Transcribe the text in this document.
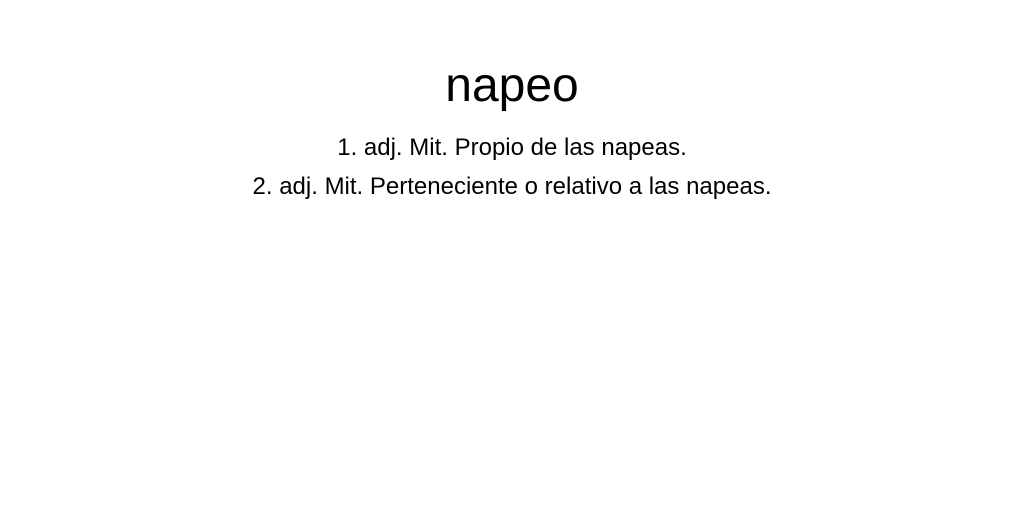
napeo
1. adj. Mit. Propio de las napeas.
2. adj. Mit. Perteneciente o relativo a las napeas.
